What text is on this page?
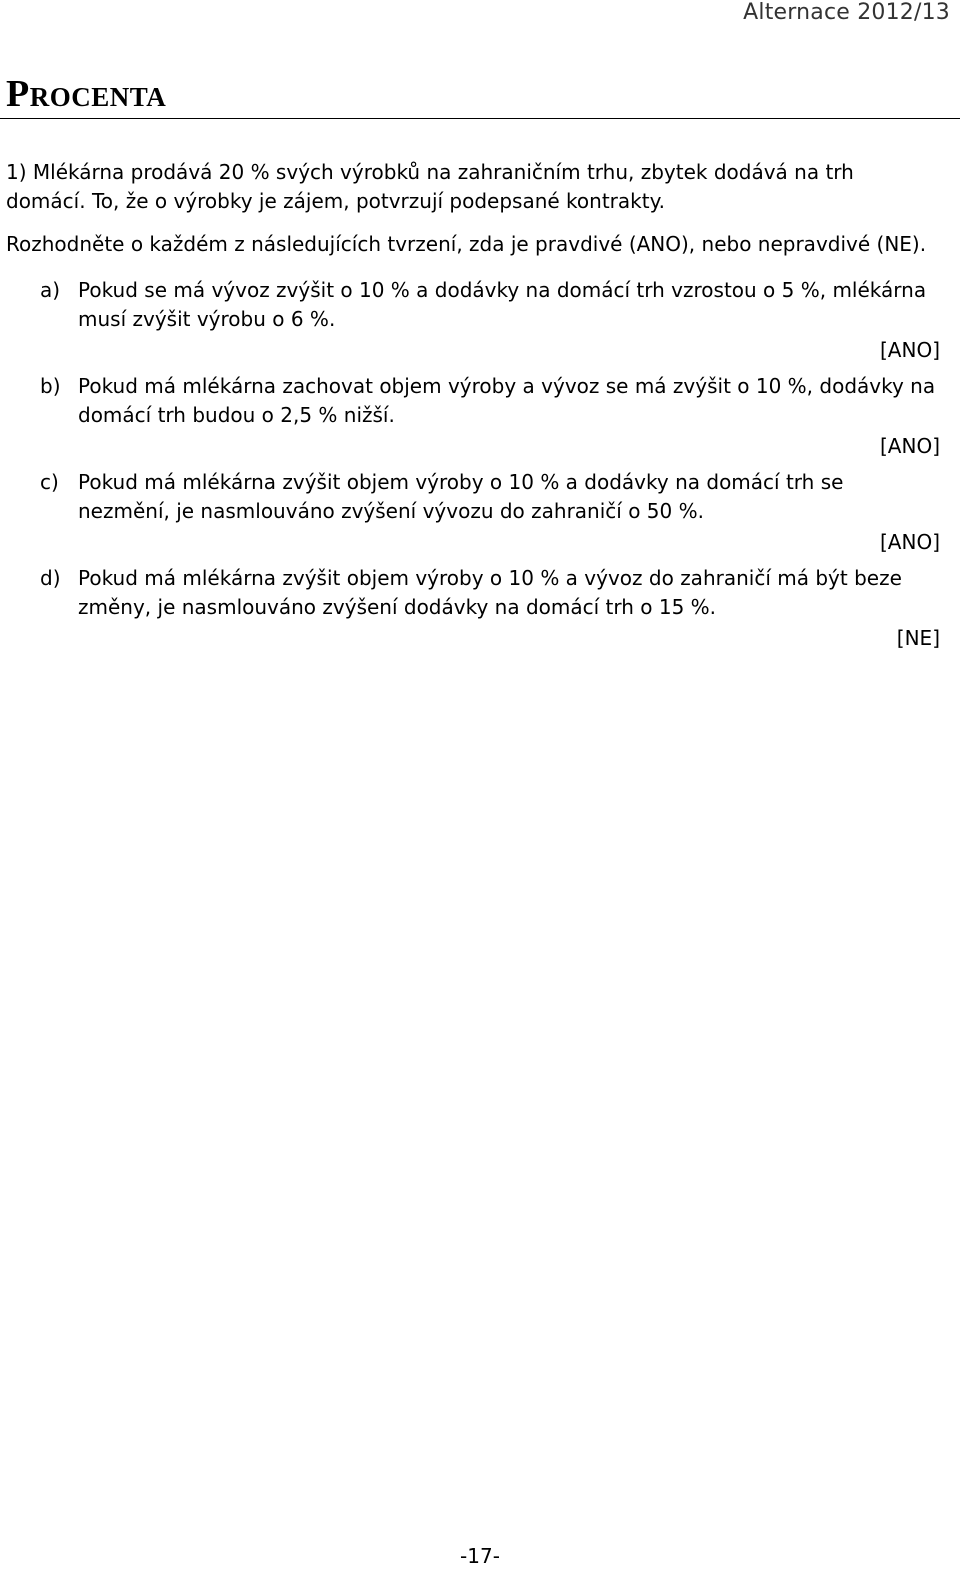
Alternace 2012/13
PROCENTA

1) Mlékárna prodává 20 % svých výrobků na zahraničním trhu, zbytek dodává na trh domácí. To, že o výrobky je zájem, potvrzují podepsané kontrakty.

Rozhodněte o každém z následujících tvrzení, zda je pravdivé (ANO), nebo nepravdivé (NE).

a) Pokud se má vývoz zvýšit o 10 % a dodávky na domácí trh vzrostou o 5 %, mlékárna musí zvýšit výrobu o 6 %.
[ANO]
b) Pokud má mlékárna zachovat objem výroby a vývoz se má zvýšit o 10 %, dodávky na domácí trh budou o 2,5 % nižší.
[ANO]
c) Pokud má mlékárna zvýšit objem výroby o 10 % a dodávky na domácí trh se nezmění, je nasmlouváno zvýšení vývozu do zahraničí o 50 %.
[ANO]
d) Pokud má mlékárna zvýšit objem výroby o 10 % a vývoz do zahraničí má být beze změny, je nasmlouváno zvýšení dodávky na domácí trh o 15 %.
[NE]
-17-
